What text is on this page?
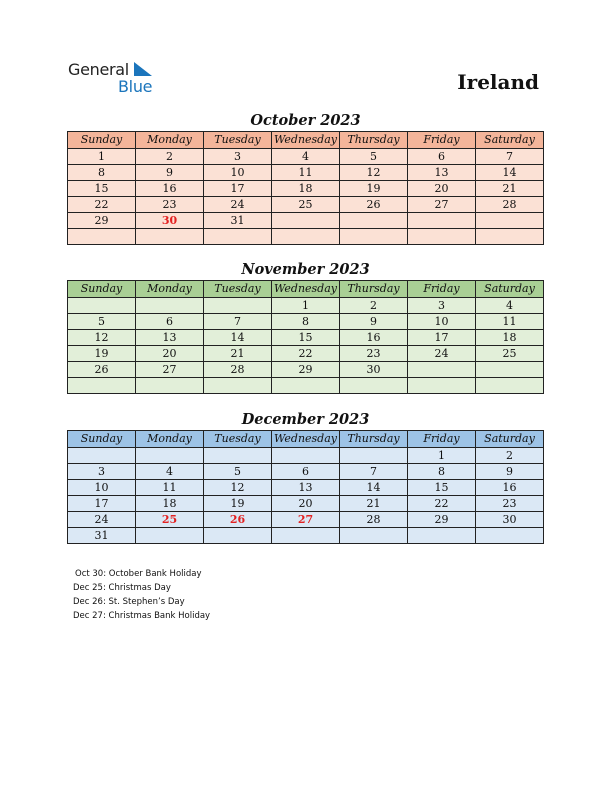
General
Blue	Ireland
October 2023
Sunday	Monday	Tuesday	Wednesday	Thursday	Friday	Saturday
1	2	3	4	5	6	7
8	9	10	11	12	13	14
15	16	17	18	19	20	21
22	23	24	25	26	27	28
29	30	31				

November 2023
Sunday	Monday	Tuesday	Wednesday	Thursday	Friday	Saturday
			1	2	3	4
5	6	7	8	9	10	11
12	13	14	15	16	17	18
19	20	21	22	23	24	25
26	27	28	29	30		

December 2023
Sunday	Monday	Tuesday	Wednesday	Thursday	Friday	Saturday
					1	2
3	4	5	6	7	8	9
10	11	12	13	14	15	16
17	18	19	20	21	22	23
24	25	26	27	28	29	30
31						
Oct 30: October Bank Holiday
Dec 25: Christmas Day
Dec 26: St. Stephen’s Day
Dec 27: Christmas Bank Holiday
